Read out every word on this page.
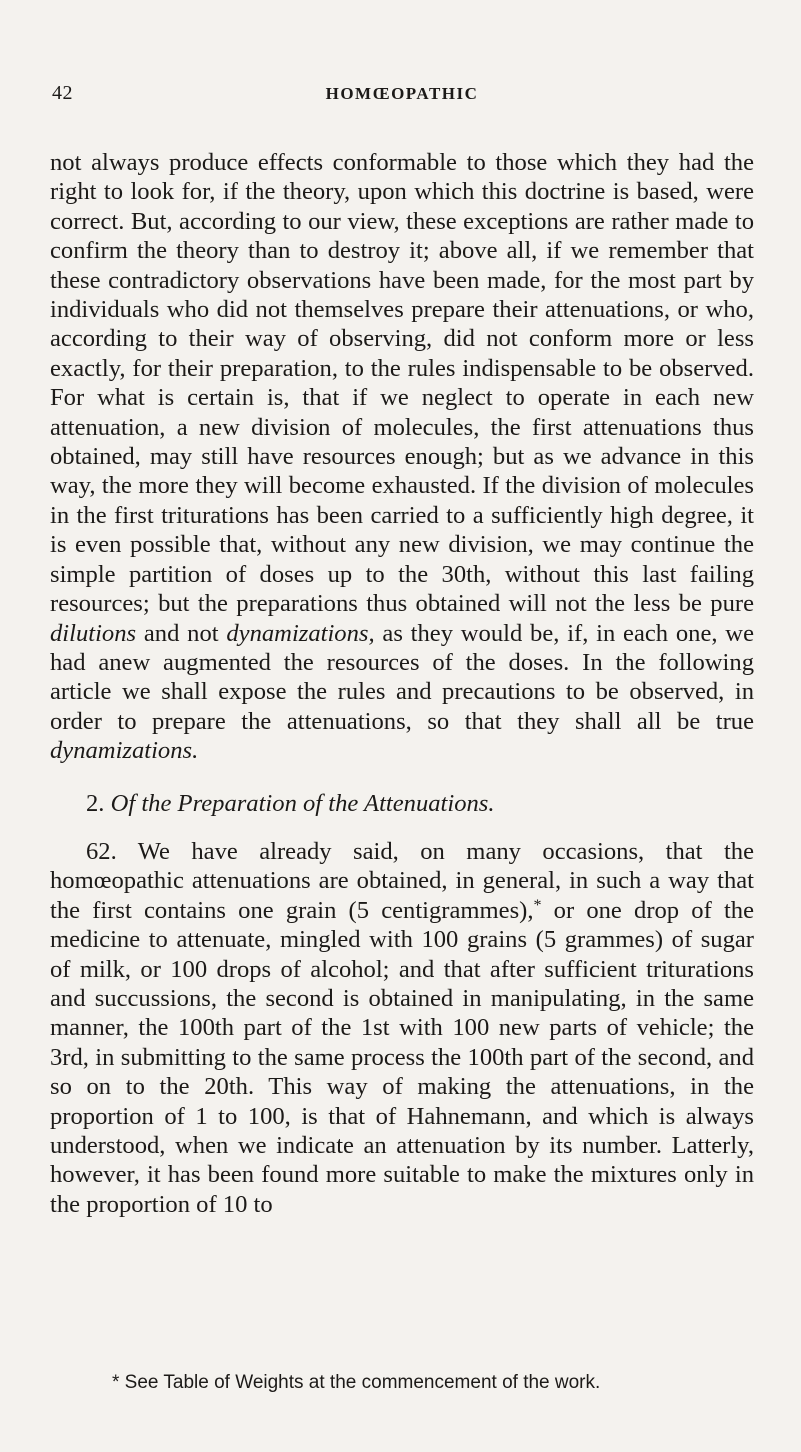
42	HOMŒOPATHIC

not always produce effects conformable to those which they had the right to look for, if the theory, upon which this doctrine is based, were correct. But, according to our view, these exceptions are rather made to confirm the theory than to destroy it; above all, if we remember that these contradictory observations have been made, for the most part by individuals who did not themselves prepare their attenuations, or who, according to their way of observing, did not conform more or less exactly, for their preparation, to the rules indispensable to be observed. For what is certain is, that if we neglect to operate in each new attenuation, a new division of molecules, the first attenuations thus obtained, may still have resources enough; but as we advance in this way, the more they will become exhausted. If the division of molecules in the first triturations has been carried to a sufficiently high degree, it is even possible that, without any new division, we may continue the simple partition of doses up to the 30th, without this last failing resources; but the preparations thus obtained will not the less be pure dilutions and not dynamizations, as they would be, if, in each one, we had anew augmented the resources of the doses. In the following article we shall expose the rules and precautions to be observed, in order to prepare the attenuations, so that they shall all be true dynamizations.

2. Of the Preparation of the Attenuations.

62. We have already said, on many occasions, that the homœopathic attenuations are obtained, in general, in such a way that the first contains one grain (5 centigrammes),* or one drop of the medicine to attenuate, mingled with 100 grains (5 grammes) of sugar of milk, or 100 drops of alcohol; and that after sufficient triturations and succussions, the second is obtained in manipulating, in the same manner, the 100th part of the 1st with 100 new parts of vehicle; the 3rd, in submitting to the same process the 100th part of the second, and so on to the 20th. This way of making the attenuations, in the proportion of 1 to 100, is that of Hahnemann, and which is always understood, when we indicate an attenuation by its number. Latterly, however, it has been found more suitable to make the mixtures only in the proportion of 10 to

* See Table of Weights at the commencement of the work.
